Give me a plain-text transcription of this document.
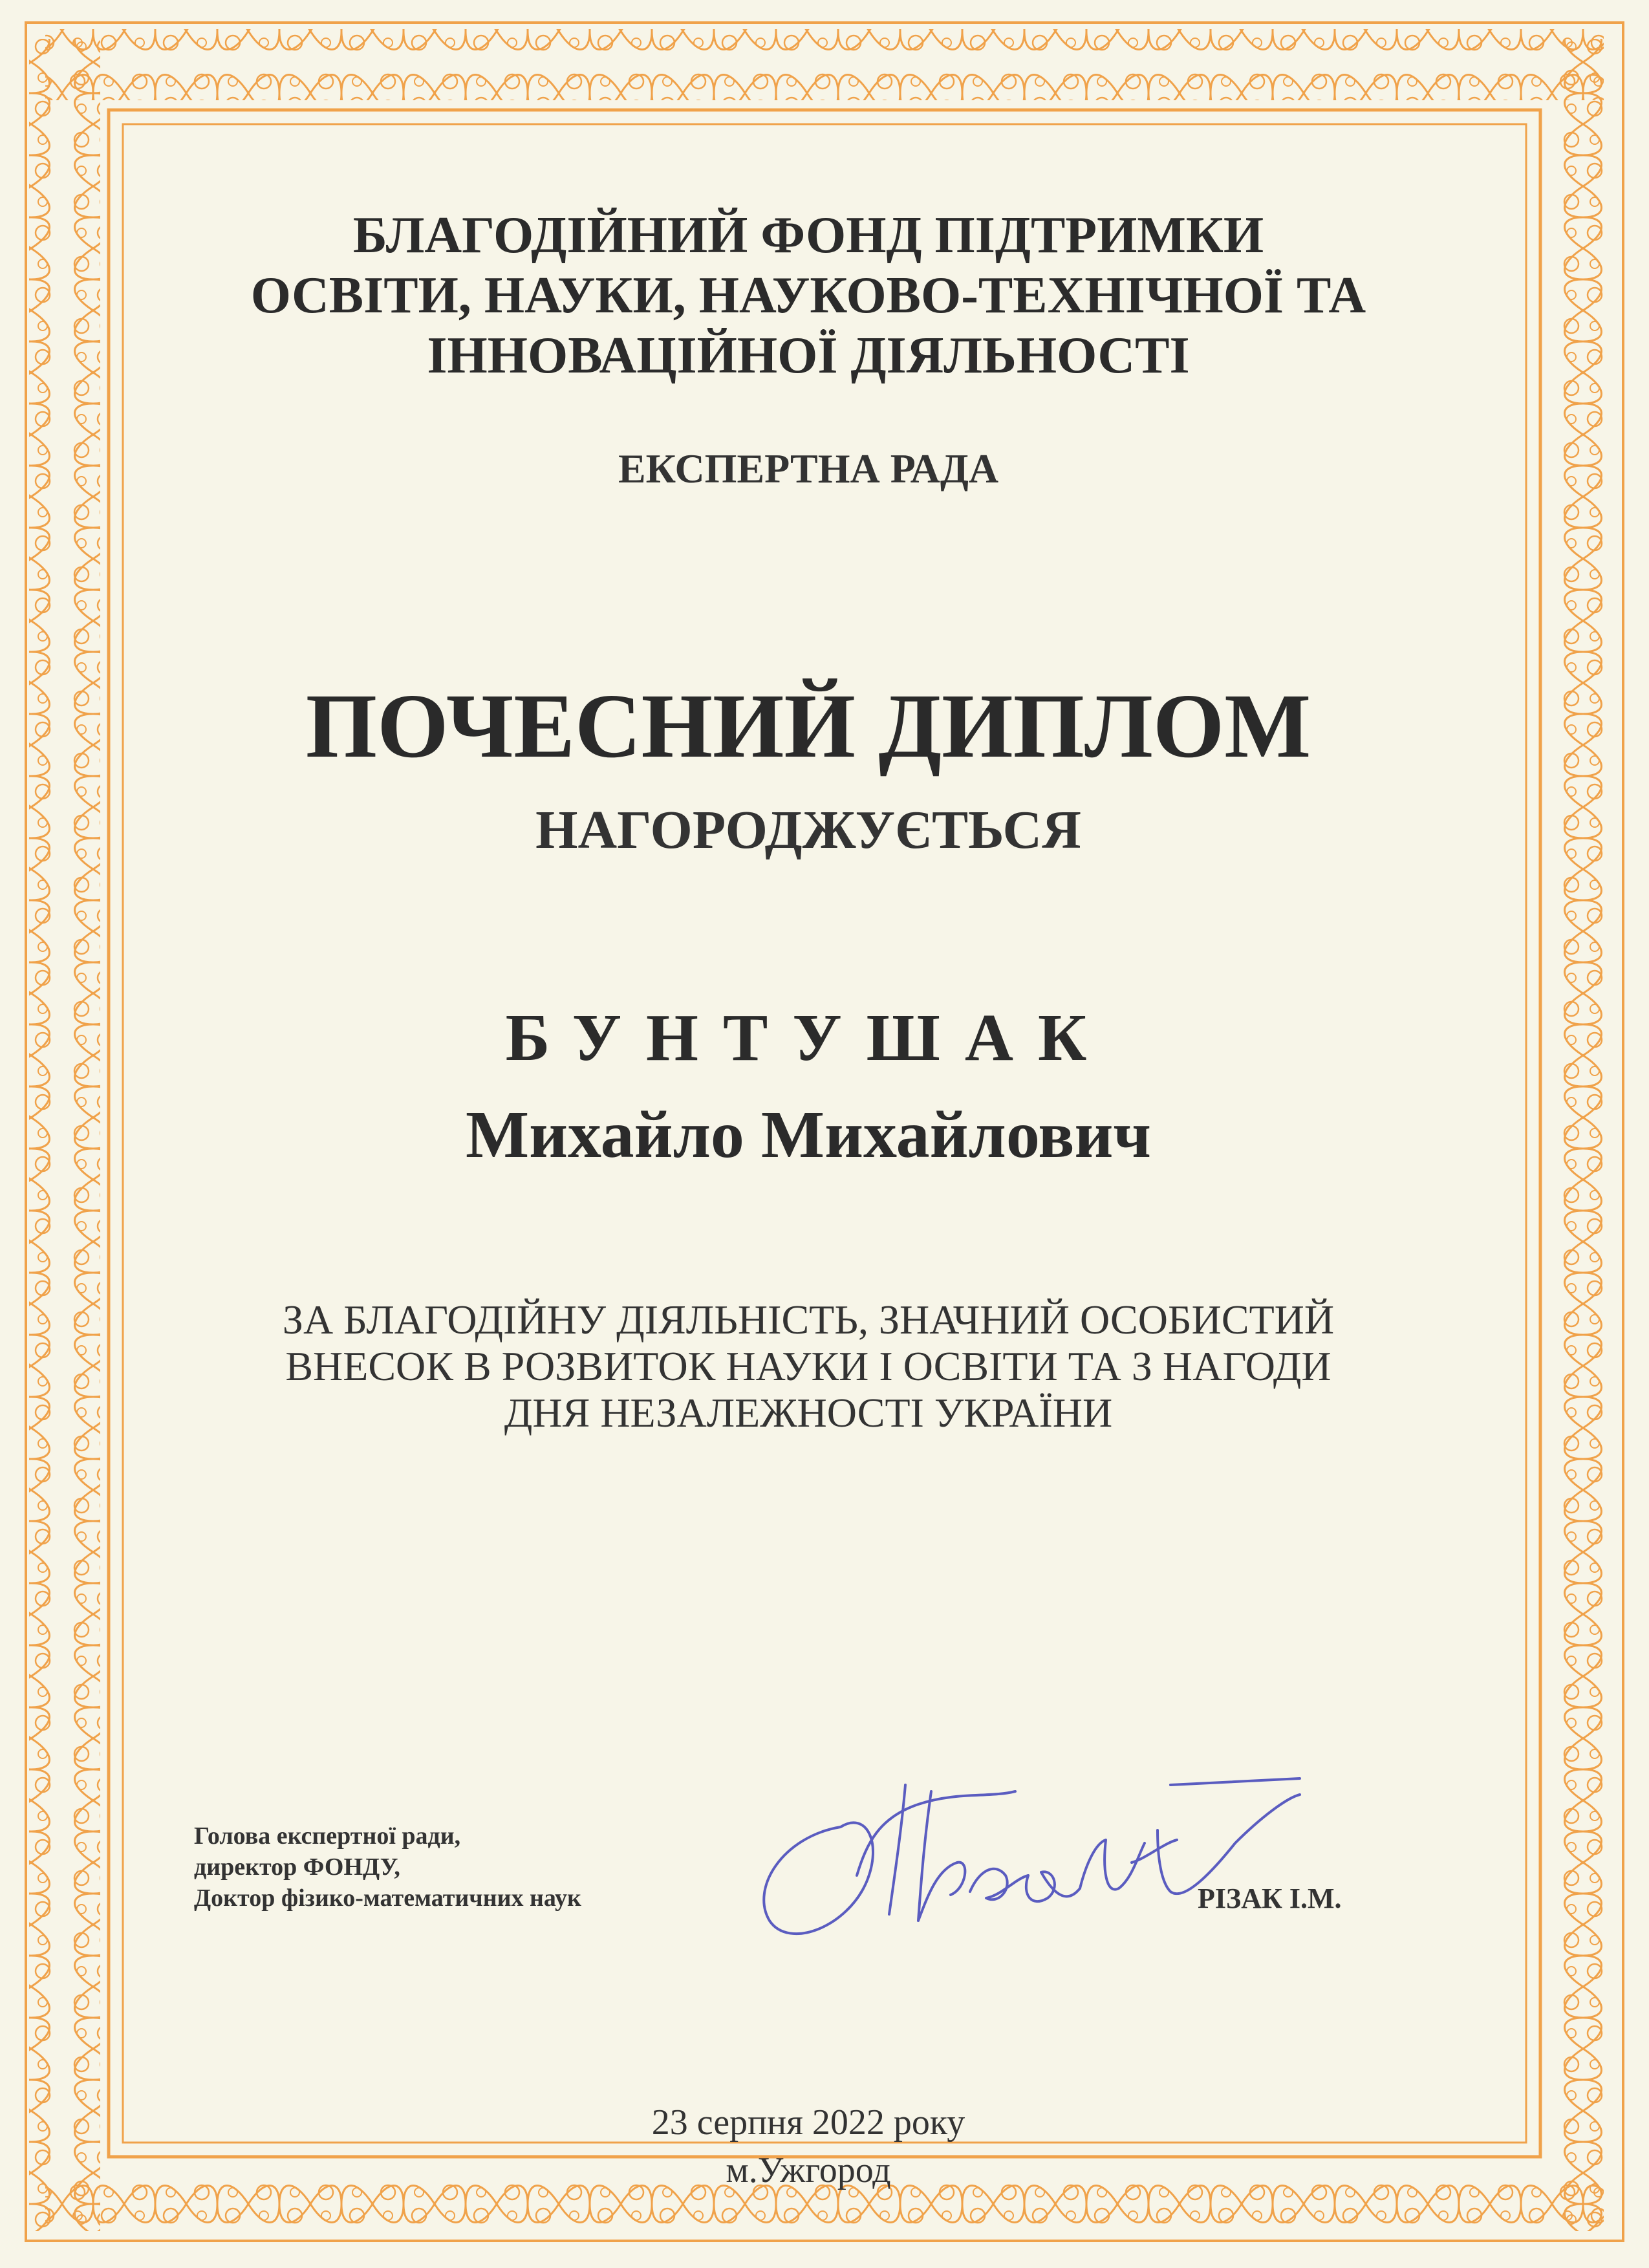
БЛАГОДІЙНИЙ ФОНД ПІДТРИМКИ
ОСВІТИ, НАУКИ, НАУКОВО-ТЕХНІЧНОЇ ТА
ІННОВАЦІЙНОЇ ДІЯЛЬНОСТІ
ЕКСПЕРТНА РАДА
ПОЧЕСНИЙ ДИПЛОМ
НАГОРОДЖУЄТЬСЯ
БУНТУШАК
Михайло Михайлович
ЗА БЛАГОДІЙНУ ДІЯЛЬНІСТЬ, ЗНАЧНИЙ ОСОБИСТИЙ
ВНЕСОК В РОЗВИТОК НАУКИ І ОСВІТИ ТА З НАГОДИ
ДНЯ НЕЗАЛЕЖНОСТІ УКРАЇНИ
Голова експертної ради,
директор ФОНДУ,
Доктор фізико-математичних наук	РІЗАК І.М.
23 серпня 2022 року
м.Ужгород
